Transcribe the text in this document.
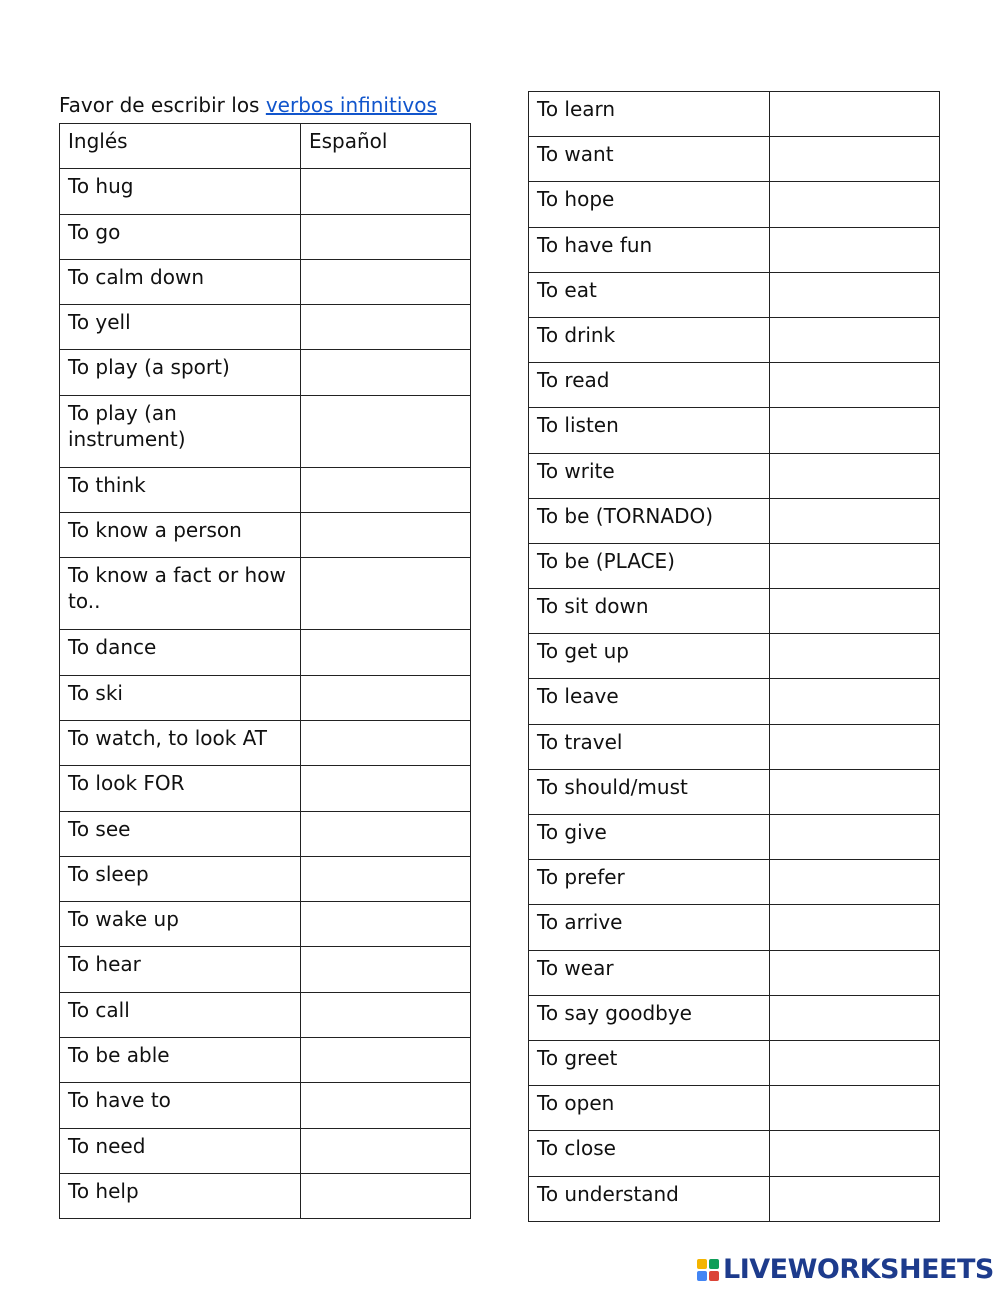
Favor de escribir los verbos infinitivos
Inglés	Español
To hug	
To go	
To calm down	
To yell	
To play (a sport)	
To play (an instrument)	
To think	
To know a person	
To know a fact or how to..	
To dance	
To ski	
To watch, to look AT	
To look FOR	
To see	
To sleep	
To wake up	
To hear	
To call	
To be able	
To have to	
To need	
To help	
To learn	
To want	
To hope	
To have fun	
To eat	
To drink	
To read	
To listen	
To write	
To be (TORNADO)	
To be (PLACE)	
To sit down	
To get up	
To leave	
To travel	
To should/must	
To give	
To prefer	
To arrive	
To wear	
To say goodbye	
To greet	
To open	
To close	
To understand	
LIVEWORKSHEETS
